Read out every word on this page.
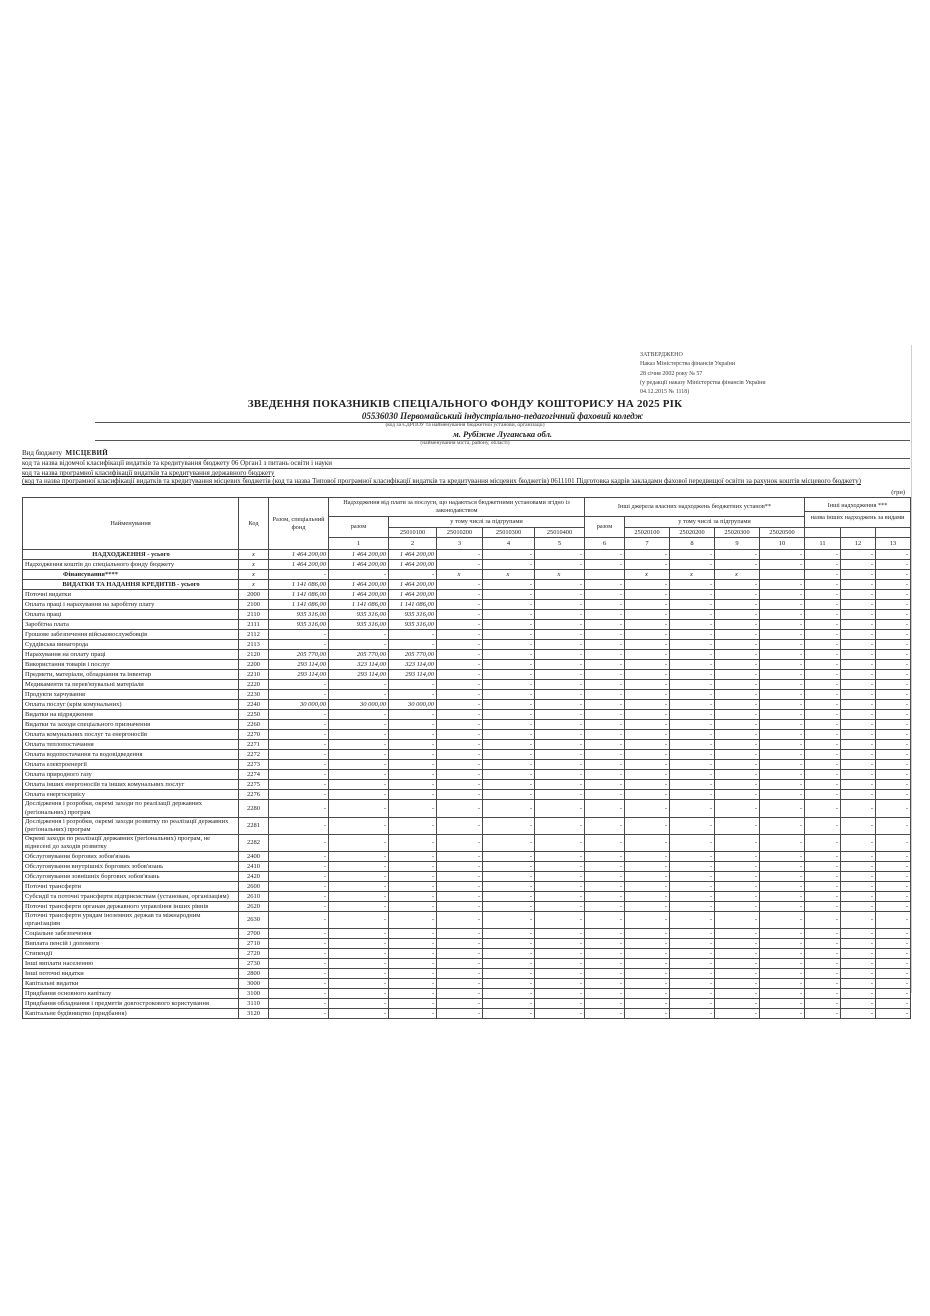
ЗАТВЕРДЖЕНО
Наказ Міністерства фінансів України
28 січня 2002 року № 57
(у редакції наказу Міністерства фінансів України
04.12.2015 № 1118)
ЗВЕДЕННЯ ПОКАЗНИКІВ СПЕЦІАЛЬНОГО ФОНДУ КОШТОРИСУ НА 2025 РІК
05536030 Первомайський індустріально-педагогічний фаховий коледж
(код за ЄДРПОУ та найменування бюджетної установи, організації)
м. Рубіжне Луганська обл.
(найменування міста, району, області)
Вид бюджету МІСЦЕВИЙ
код та назва відомчої класифікації видатків та кредитування бюджету 06 Орган1 з питань освіти і науки
код та назва програмної класифікації видатків та кредитування державного бюджету
(код та назва програмної класифікації видатків та кредитування місцевих бюджетів (код та назва Типової програмної класифікації видатків та кредитування місцевих бюджетів) 0611101 Підготовка кадрів закладами фахової передвищої освіти за рахунок коштів місцевого бюджету)
(грн)
Найменування	Код	Разом, спеціальний фонд	Надходження від плати за послуги, що надаються бюджетними установами згідно із законодавством					Інші джерела власних надходжень бюджетних установ**					Інші надходження ***
назва інших надходжень за видами			

			разом	у тому числі за підгрупами				разом	у тому числі за підгрупами							
				25010100	25010200	25010300	25010400		25020100	25020200	25020300	25020500				
			1	2	3	4	5	6	7	8	9	10	11	12	13			
НАДХОДЖЕННЯ - усього	х	1 464 200,00	1 464 200,00	1 464 200,00	-	-	-	-	-	-	-	-	-	-	-	
Надходження коштів до спеціального фонду бюджету	х	1 464 200,00	1 464 200,00	1 464 200,00	-	-	-	-	-	-	-	-	-	-	-	
Фінансування****	х	-	-	-	х	х	х		х	х	х		-	-	-	
ВИДАТКИ ТА НАДАННЯ КРЕДИТІВ - усього	х	1 141 086,00	1 464 200,00	1 464 200,00	-	-	-	-	-	-	-	-	-	-	-	
Поточні видатки	2000	1 141 086,00	1 464 200,00	1 464 200,00	-	-	-	-	-	-	-	-	-	-	-	
Оплата праці і нарахування на заробітну плату	2100	1 141 086,00	1 141 086,00	1 141 086,00	-	-	-	-	-	-	-	-	-	-	-	
Оплата праці	2110	935 316,00	935 316,00	935 316,00	-	-	-	-	-	-	-	-	-	-	-	
Заробітна плата	2111	935 316,00	935 316,00	935 316,00	-	-	-	-	-	-	-	-	-	-	-	
Грошове забезпечення військовослужбовців	2112	-	-	-	-	-	-	-	-	-	-	-	-	-	-	
Суддівська винагорода	2113	-	-	-	-	-	-	-	-	-	-	-	-	-	-	
Нарахування на оплату праці	2120	205 770,00	205 770,00	205 770,00	-	-	-	-	-	-	-	-	-	-	-	
Використання товарів і послуг	2200	293 114,00	323 114,00	323 114,00	-	-	-	-	-	-	-	-	-	-	-	
Предмети, матеріали, обладнання та інвентар	2210	293 114,00	293 114,00	293 114,00	-	-	-	-	-	-	-	-	-	-	-	
Медикаменти та перев'язувальні матеріали	2220	-	-	-	-	-	-	-	-	-	-	-	-	-	-	
Продукти харчування	2230	-	-	-	-	-	-	-	-	-	-	-	-	-	-	
Оплата послуг (крім комунальних)	2240	30 000,00	30 000,00	30 000,00	-	-	-	-	-	-	-	-	-	-	-	
Видатки на відрядження	2250	-	-	-	-	-	-	-	-	-	-	-	-	-	-	
Видатки та заходи спеціального призначення	2260	-	-	-	-	-	-	-	-	-	-	-	-	-	-	
Оплата комунальних послуг та енергоносіїв	2270	-	-	-	-	-	-	-	-	-	-	-	-	-	-	
Оплата теплопостачання	2271	-	-	-	-	-	-	-	-	-	-	-	-	-	-	
Оплата водопостачання та водовідведення	2272	-	-	-	-	-	-	-	-	-	-	-	-	-	-	
Оплата електроенергії	2273	-	-	-	-	-	-	-	-	-	-	-	-	-	-	
Оплата природного газу	2274	-	-	-	-	-	-	-	-	-	-	-	-	-	-	
Оплата інших енергоносіїв та інших комунальних послуг	2275	-	-	-	-	-	-	-	-	-	-	-	-	-	-	
Оплата енергосервісу	2276	-	-	-	-	-	-	-	-	-	-	-	-	-	-	
Дослідження і розробки, окремі заходи по реалізації державних (регіональних) програм	2280	-	-	-	-	-	-	-	-	-	-	-	-	-	-	
Дослідження і розробки, окремі заходи розвитку по реалізації державних (регіональних) програм	2281	-	-	-	-	-	-	-	-	-	-	-	-	-	-	
Окремі заходи по реалізації державних (регіональних) програм, не віднесені до заходів розвитку	2282	-	-	-	-	-	-	-	-	-	-	-	-	-	-	
Обслуговування боргових зобов'язань	2400	-	-	-	-	-	-	-	-	-	-	-	-	-	-	
Обслуговування внутрішніх боргових зобов'язань	2410	-	-	-	-	-	-	-	-	-	-	-	-	-	-	
Обслуговування зовнішніх боргових зобов'язань	2420	-	-	-	-	-	-	-	-	-	-	-	-	-	-	
Поточні трансферти	2600	-	-	-	-	-	-	-	-	-	-	-	-	-	-	
Субсидії та поточні трансферти підприємствам (установам, організаціям)	2610	-	-	-	-	-	-	-	-	-	-	-	-	-	-	
Поточні трансферти органам державного управління інших рівнів	2620	-	-	-	-	-	-	-	-	-	-	-	-	-	-	
Поточні трансферти урядам іноземних держав та міжнародним організаціям	2630	-	-	-	-	-	-	-	-	-	-	-	-	-	-	
Соціальне забезпечення	2700	-	-	-	-	-	-	-	-	-	-	-	-	-	-	
Виплата пенсій і допомоги	2710	-	-	-	-	-	-	-	-	-	-	-	-	-	-	
Стипендії	2720	-	-	-	-	-	-	-	-	-	-	-	-	-	-	
Інші виплати населенню	2730	-	-	-	-	-	-	-	-	-	-	-	-	-	-	
Інші поточні видатки	2800	-	-	-	-	-	-	-	-	-	-	-	-	-	-	
Капітальні видатки	3000	-	-	-	-	-	-	-	-	-	-	-	-	-	-	
Придбання основного капіталу	3100	-	-	-	-	-	-	-	-	-	-	-	-	-	-	
Придбання обладнання і предметів довгострокового користування	3110	-	-	-	-	-	-	-	-	-	-	-	-	-	-	
Капітальне будівництво (придбання)	3120	-	-	-	-	-	-	-	-	-	-	-	-	-	-	
